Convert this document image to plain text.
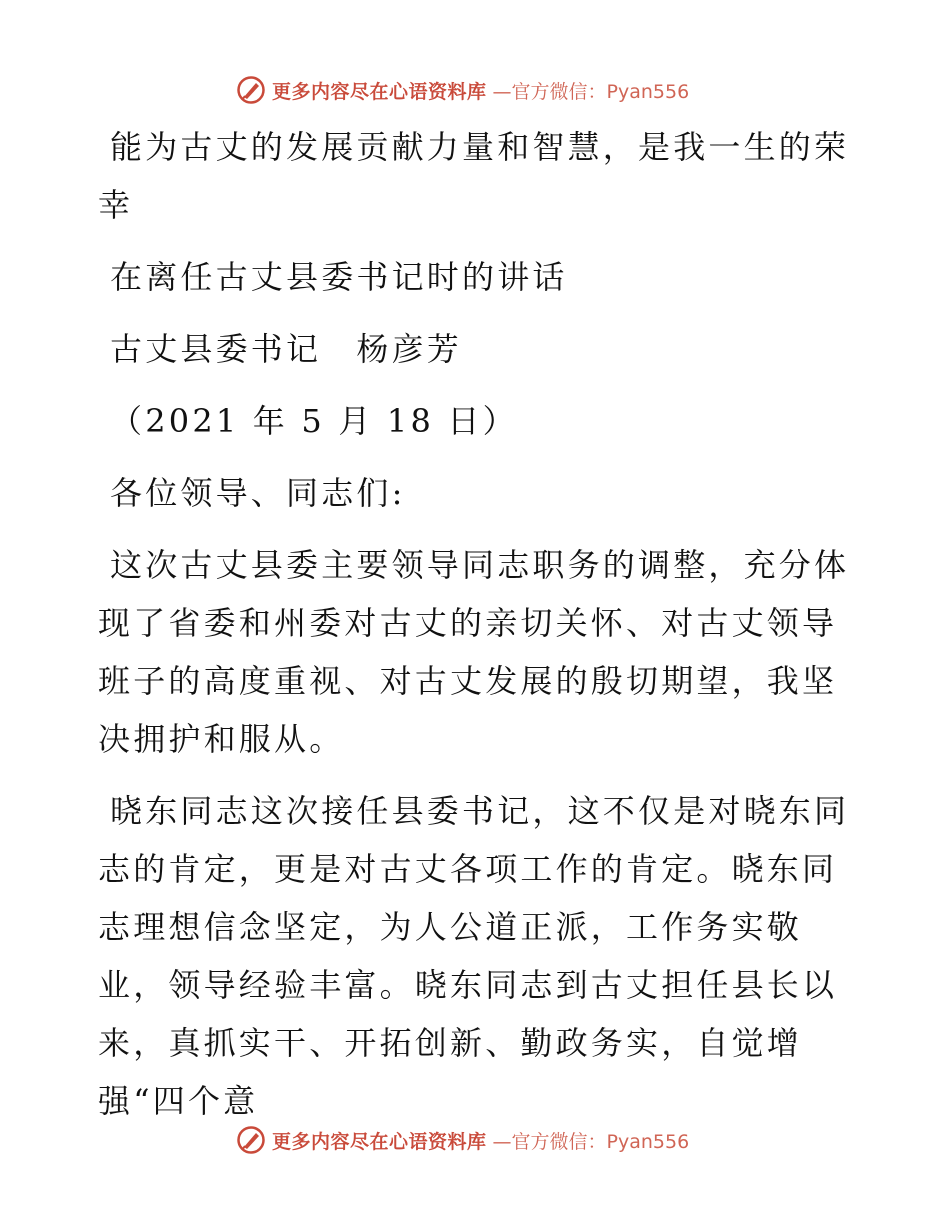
更多内容尽在心语资料库 —官方微信：Pyan556

能为古丈的发展贡献力量和智慧，是我一生的荣幸

在离任古丈县委书记时的讲话

古丈县委书记　杨彦芳

（2021 年 5 月 18 日）

各位领导、同志们:

这次古丈县委主要领导同志职务的调整，充分体现了省委和州委对古丈的亲切关怀、对古丈领导班子的高度重视、对古丈发展的殷切期望，我坚决拥护和服从。

晓东同志这次接任县委书记，这不仅是对晓东同志的肯定，更是对古丈各项工作的肯定。晓东同志理想信念坚定，为人公道正派，工作务实敬业，领导经验丰富。晓东同志到古丈担任县长以来，真抓实干、开拓创新、勤政务实，自觉增强“四个意

更多内容尽在心语资料库 —官方微信：Pyan556
